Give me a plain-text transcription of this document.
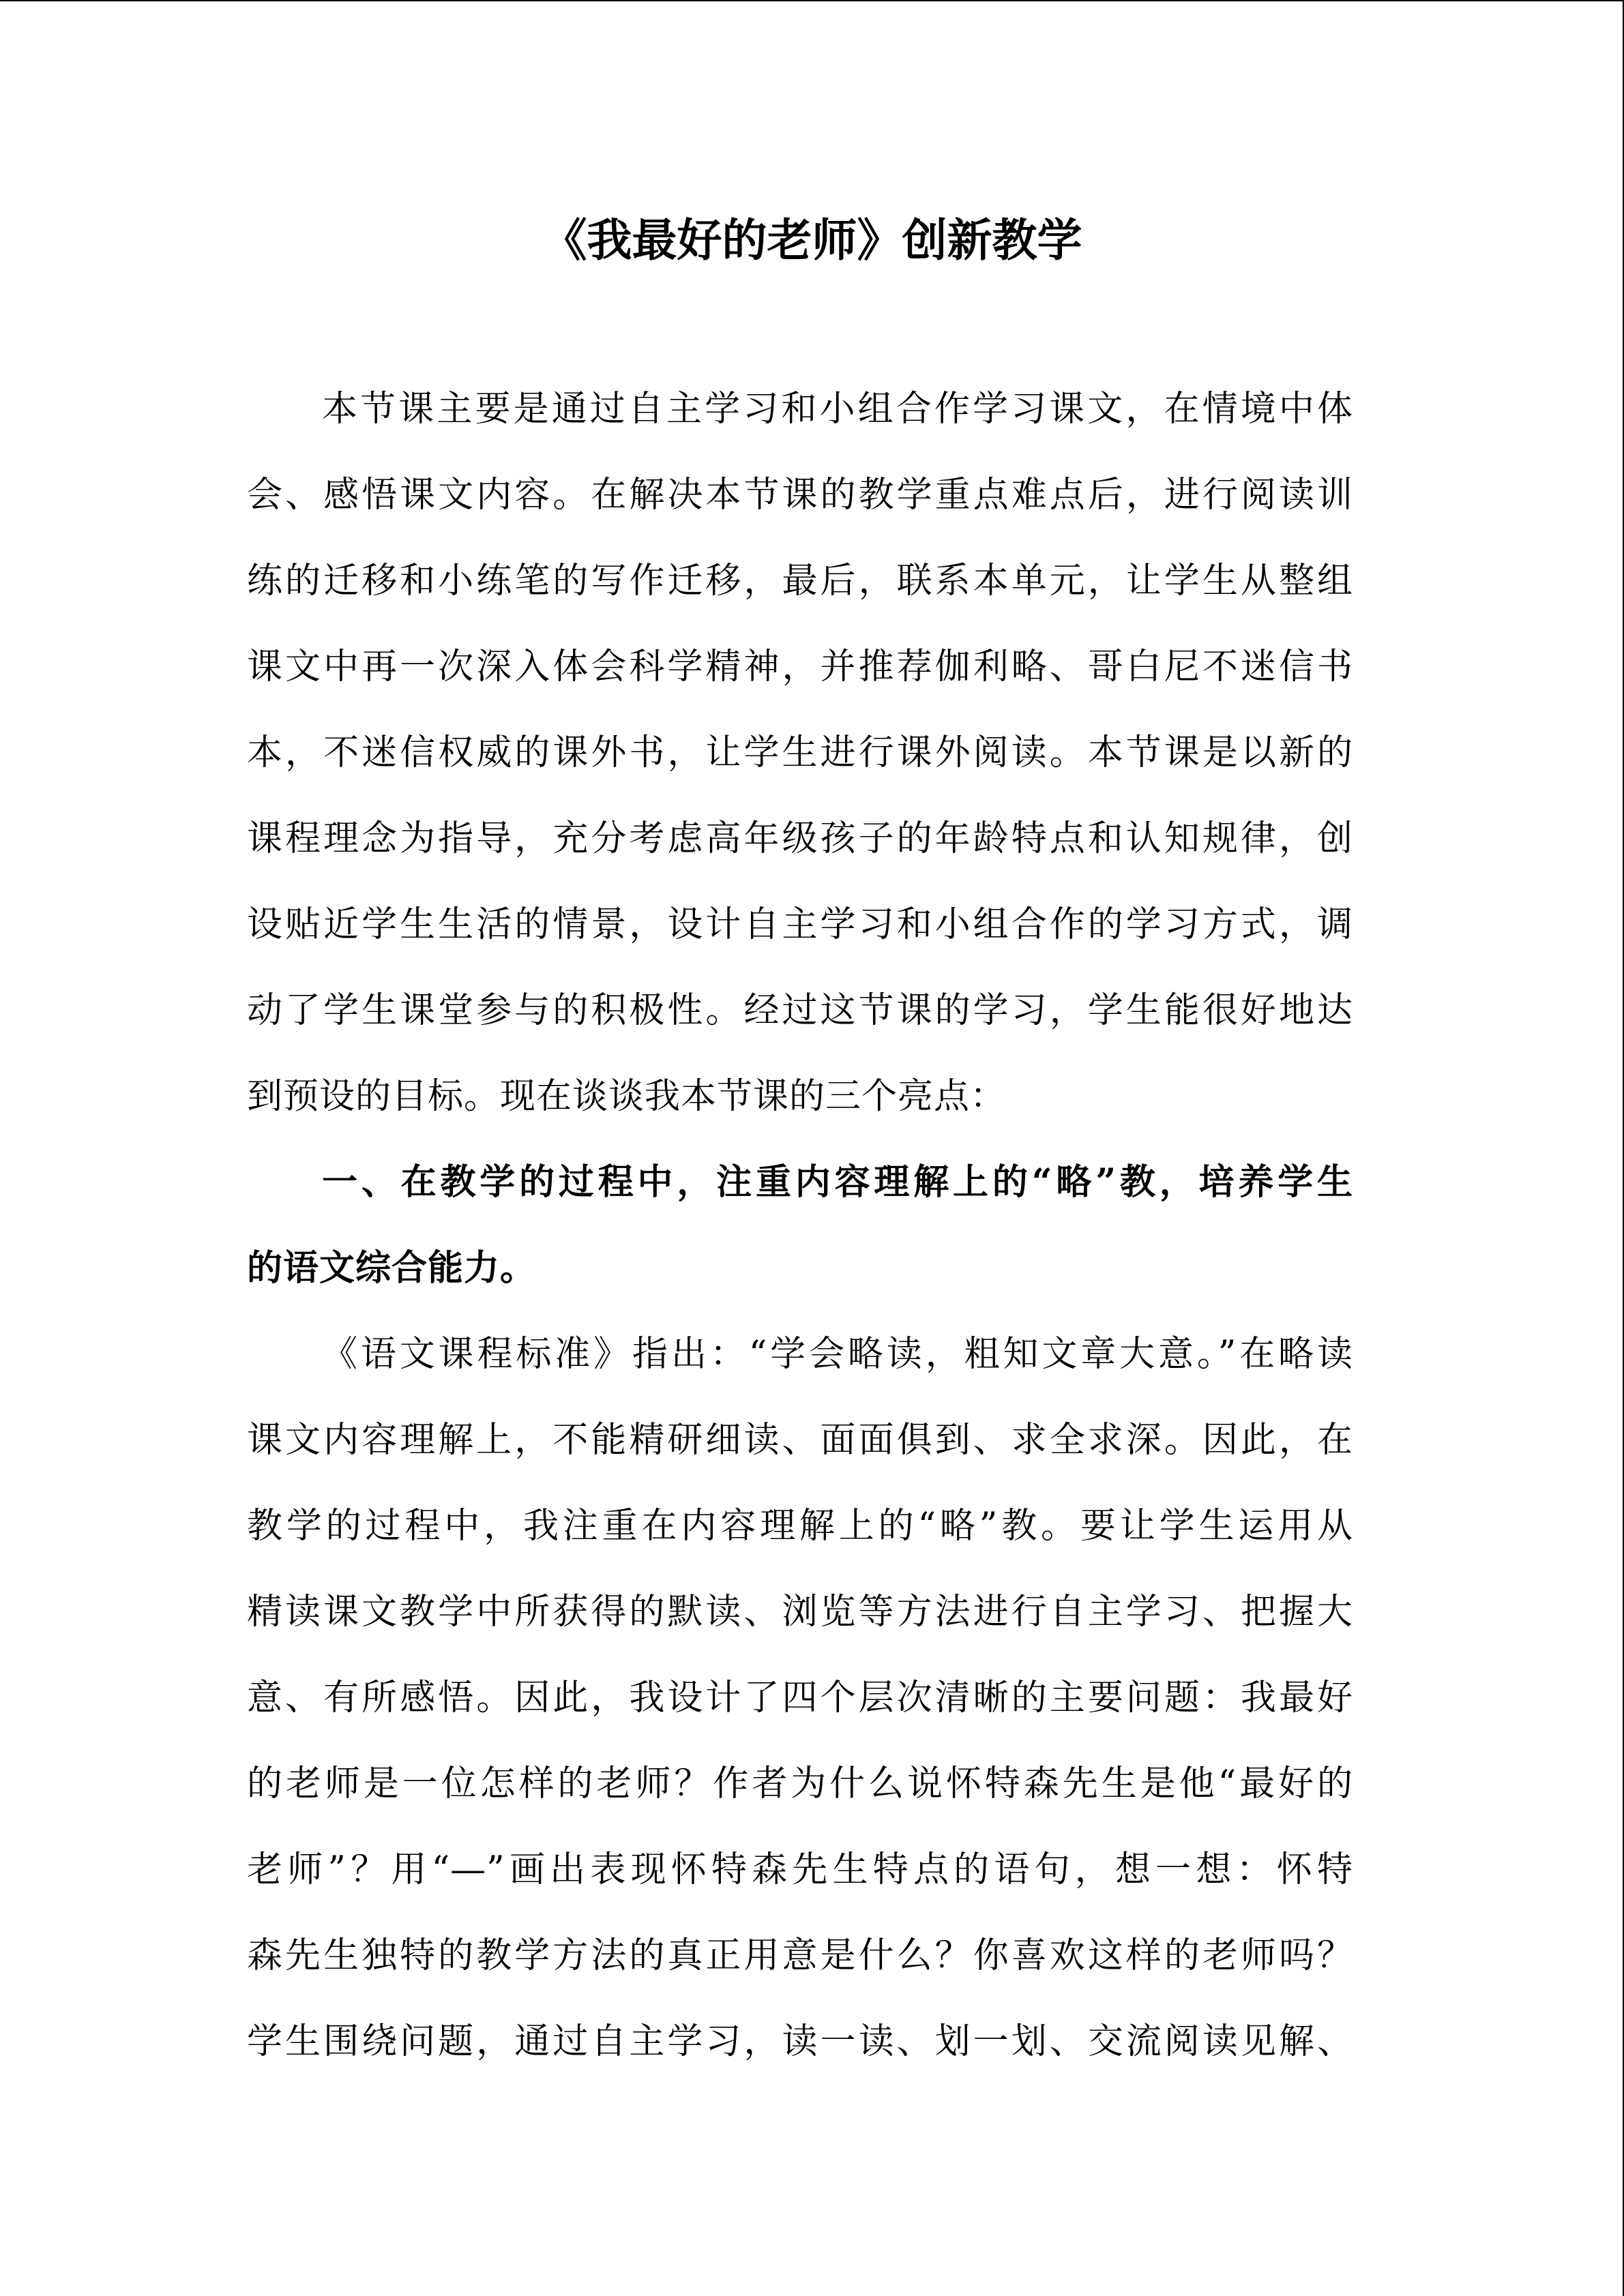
《我最好的老师》创新教学
本节课主要是通过自主学习和小组合作学习课文，在情境中体
会、感悟课文内容。在解决本节课的教学重点难点后，进行阅读训
练的迁移和小练笔的写作迁移，最后，联系本单元，让学生从整组
课文中再一次深入体会科学精神，并推荐伽利略、哥白尼不迷信书
本，不迷信权威的课外书，让学生进行课外阅读。本节课是以新的
课程理念为指导，充分考虑高年级孩子的年龄特点和认知规律，创
设贴近学生生活的情景，设计自主学习和小组合作的学习方式，调
动了学生课堂参与的积极性。经过这节课的学习，学生能很好地达
到预设的目标。现在谈谈我本节课的三个亮点：
一、在教学的过程中，注重内容理解上的“略”教，培养学生
的语文综合能力。
《语文课程标准》指出：“学会略读，粗知文章大意。”在略读
课文内容理解上，不能精研细读、面面俱到、求全求深。因此，在
教学的过程中，我注重在内容理解上的“略”教。要让学生运用从
精读课文教学中所获得的默读、浏览等方法进行自主学习、把握大
意、有所感悟。因此，我设计了四个层次清晰的主要问题：我最好
的老师是一位怎样的老师？作者为什么说怀特森先生是他“最好的
老师”？用“—”画出表现怀特森先生特点的语句，想一想：怀特
森先生独特的教学方法的真正用意是什么？你喜欢这样的老师吗？
学生围绕问题，通过自主学习，读一读、划一划、交流阅读见解、
